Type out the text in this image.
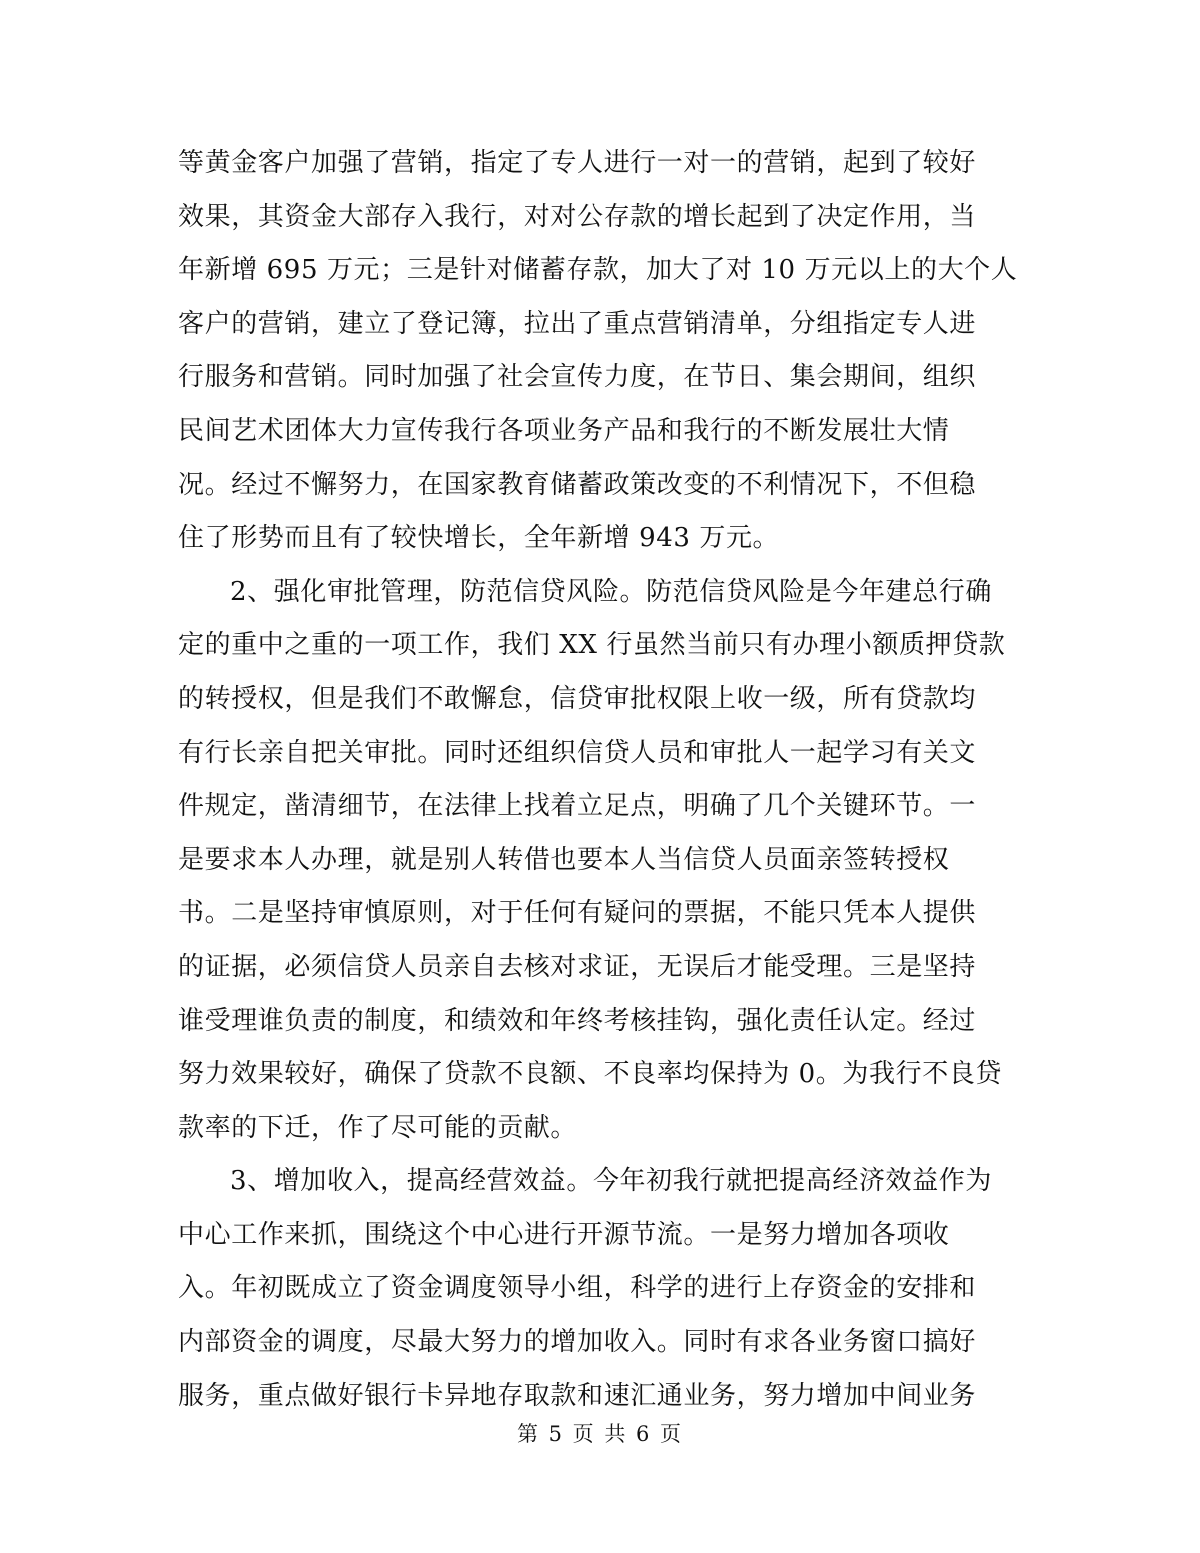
等黄金客户加强了营销，指定了专人进行一对一的营销，起到了较好
效果，其资金大部存入我行，对对公存款的增长起到了决定作用，当
年新增 695 万元；三是针对储蓄存款，加大了对 10 万元以上的大个人
客户的营销，建立了登记簿，拉出了重点营销清单，分组指定专人进
行服务和营销。同时加强了社会宣传力度，在节日、集会期间，组织
民间艺术团体大力宣传我行各项业务产品和我行的不断发展壮大情
况。经过不懈努力，在国家教育储蓄政策改变的不利情况下，不但稳
住了形势而且有了较快增长，全年新增 943 万元。
2、强化审批管理，防范信贷风险。防范信贷风险是今年建总行确
定的重中之重的一项工作，我们 XX 行虽然当前只有办理小额质押贷款
的转授权，但是我们不敢懈怠，信贷审批权限上收一级，所有贷款均
有行长亲自把关审批。同时还组织信贷人员和审批人一起学习有关文
件规定，凿清细节，在法律上找着立足点，明确了几个关键环节。一
是要求本人办理，就是别人转借也要本人当信贷人员面亲签转授权
书。二是坚持审慎原则，对于任何有疑问的票据，不能只凭本人提供
的证据，必须信贷人员亲自去核对求证，无误后才能受理。三是坚持
谁受理谁负责的制度，和绩效和年终考核挂钩，强化责任认定。经过
努力效果较好，确保了贷款不良额、不良率均保持为 0。为我行不良贷
款率的下迁，作了尽可能的贡献。
3、增加收入，提高经营效益。今年初我行就把提高经济效益作为
中心工作来抓，围绕这个中心进行开源节流。一是努力增加各项收
入。年初既成立了资金调度领导小组，科学的进行上存资金的安排和
内部资金的调度，尽最大努力的增加收入。同时有求各业务窗口搞好
服务，重点做好银行卡异地存取款和速汇通业务，努力增加中间业务
第 5 页 共 6 页
